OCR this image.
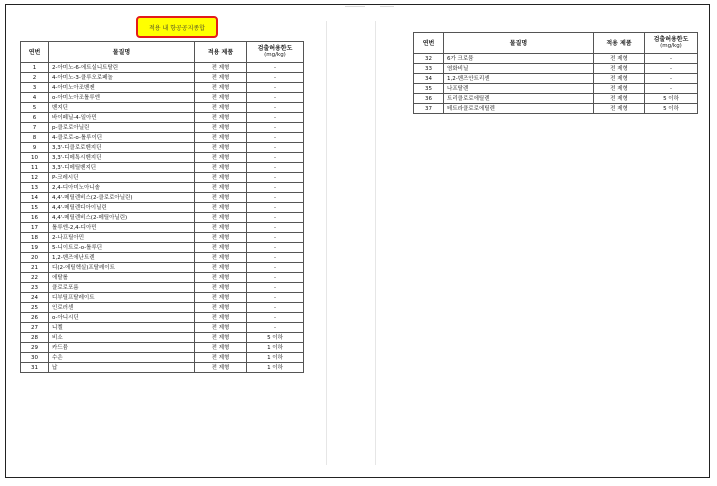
적용 내 항공공지종합
연번	물질명	적용 제품	검출허용한도
(mg/kg)

1	2-아미노-6-에트실니트탈린	전 제형	-
2	4-아미노-3-클루오로페놀	전 제형	-
3	4-아미노아조벤젠	전 제형	-
4	o-아미노아조톨루엔	전 제형	-
5	벤지딘	전 제형	-
6	바이페닐-4-일아민	전 제형	-
7	p-클로로아닐린	전 제형	-
8	4-클로로-o-톨루이딘	전 제형	-
9	3,3'-디클로로벤지딘	전 제형	-
10	3,3'-디메톡시벤지딘	전 제형	-
11	3,3'-디메틸벤지딘	전 제형	-
12	P-크레시딘	전 제형	-
13	2,4-디아미노아니솔	전 제형	-
14	4,4'-메틸렌비스(2-클로로아닐린)	전 제형	-
15	4,4'-메틸렌디아이닐린	전 제형	-
16	4,4'-메틸렌비스(2-메틸아닐린)	전 제형	-
17	톨루엔-2,4-디아민	전 제형	-
18	2-나프틸아민	전 제형	-
19	5-니이트로-o-톨루딘	전 제형	-
20	1,2-벤즈에난트렌	전 제형	-
21	디(2-에틸헥실)프탈레이트	전 제형	-
22	에탈롤	전 제형	-
23	클로로포름	전 제형	-
24	디부틸프탈레이트	전 제형	-
25	인로러센	전 제형	-
26	o-아니시딘	전 제형	-
27	니켈	전 제형	-
28	비소	전 제형	5 이하
29	카드뮴	전 제형	1 이하
30	수은	전 제형	1 이하
31	납	전 제형	1 이하
연번	물질명	적용 제품	검출허용한도
(mg/kg)

32	6가 크로뮴	전 제형	-
33	염화비닐	전 제형	-
34	1,2-벤즈안트리센	전 제형	-
35	나프탈렌	전 제형	-
36	트리클로로에틸렌	전 제형	5 이하
37	테트라클로로에틸렌	전 제형	5 이하
